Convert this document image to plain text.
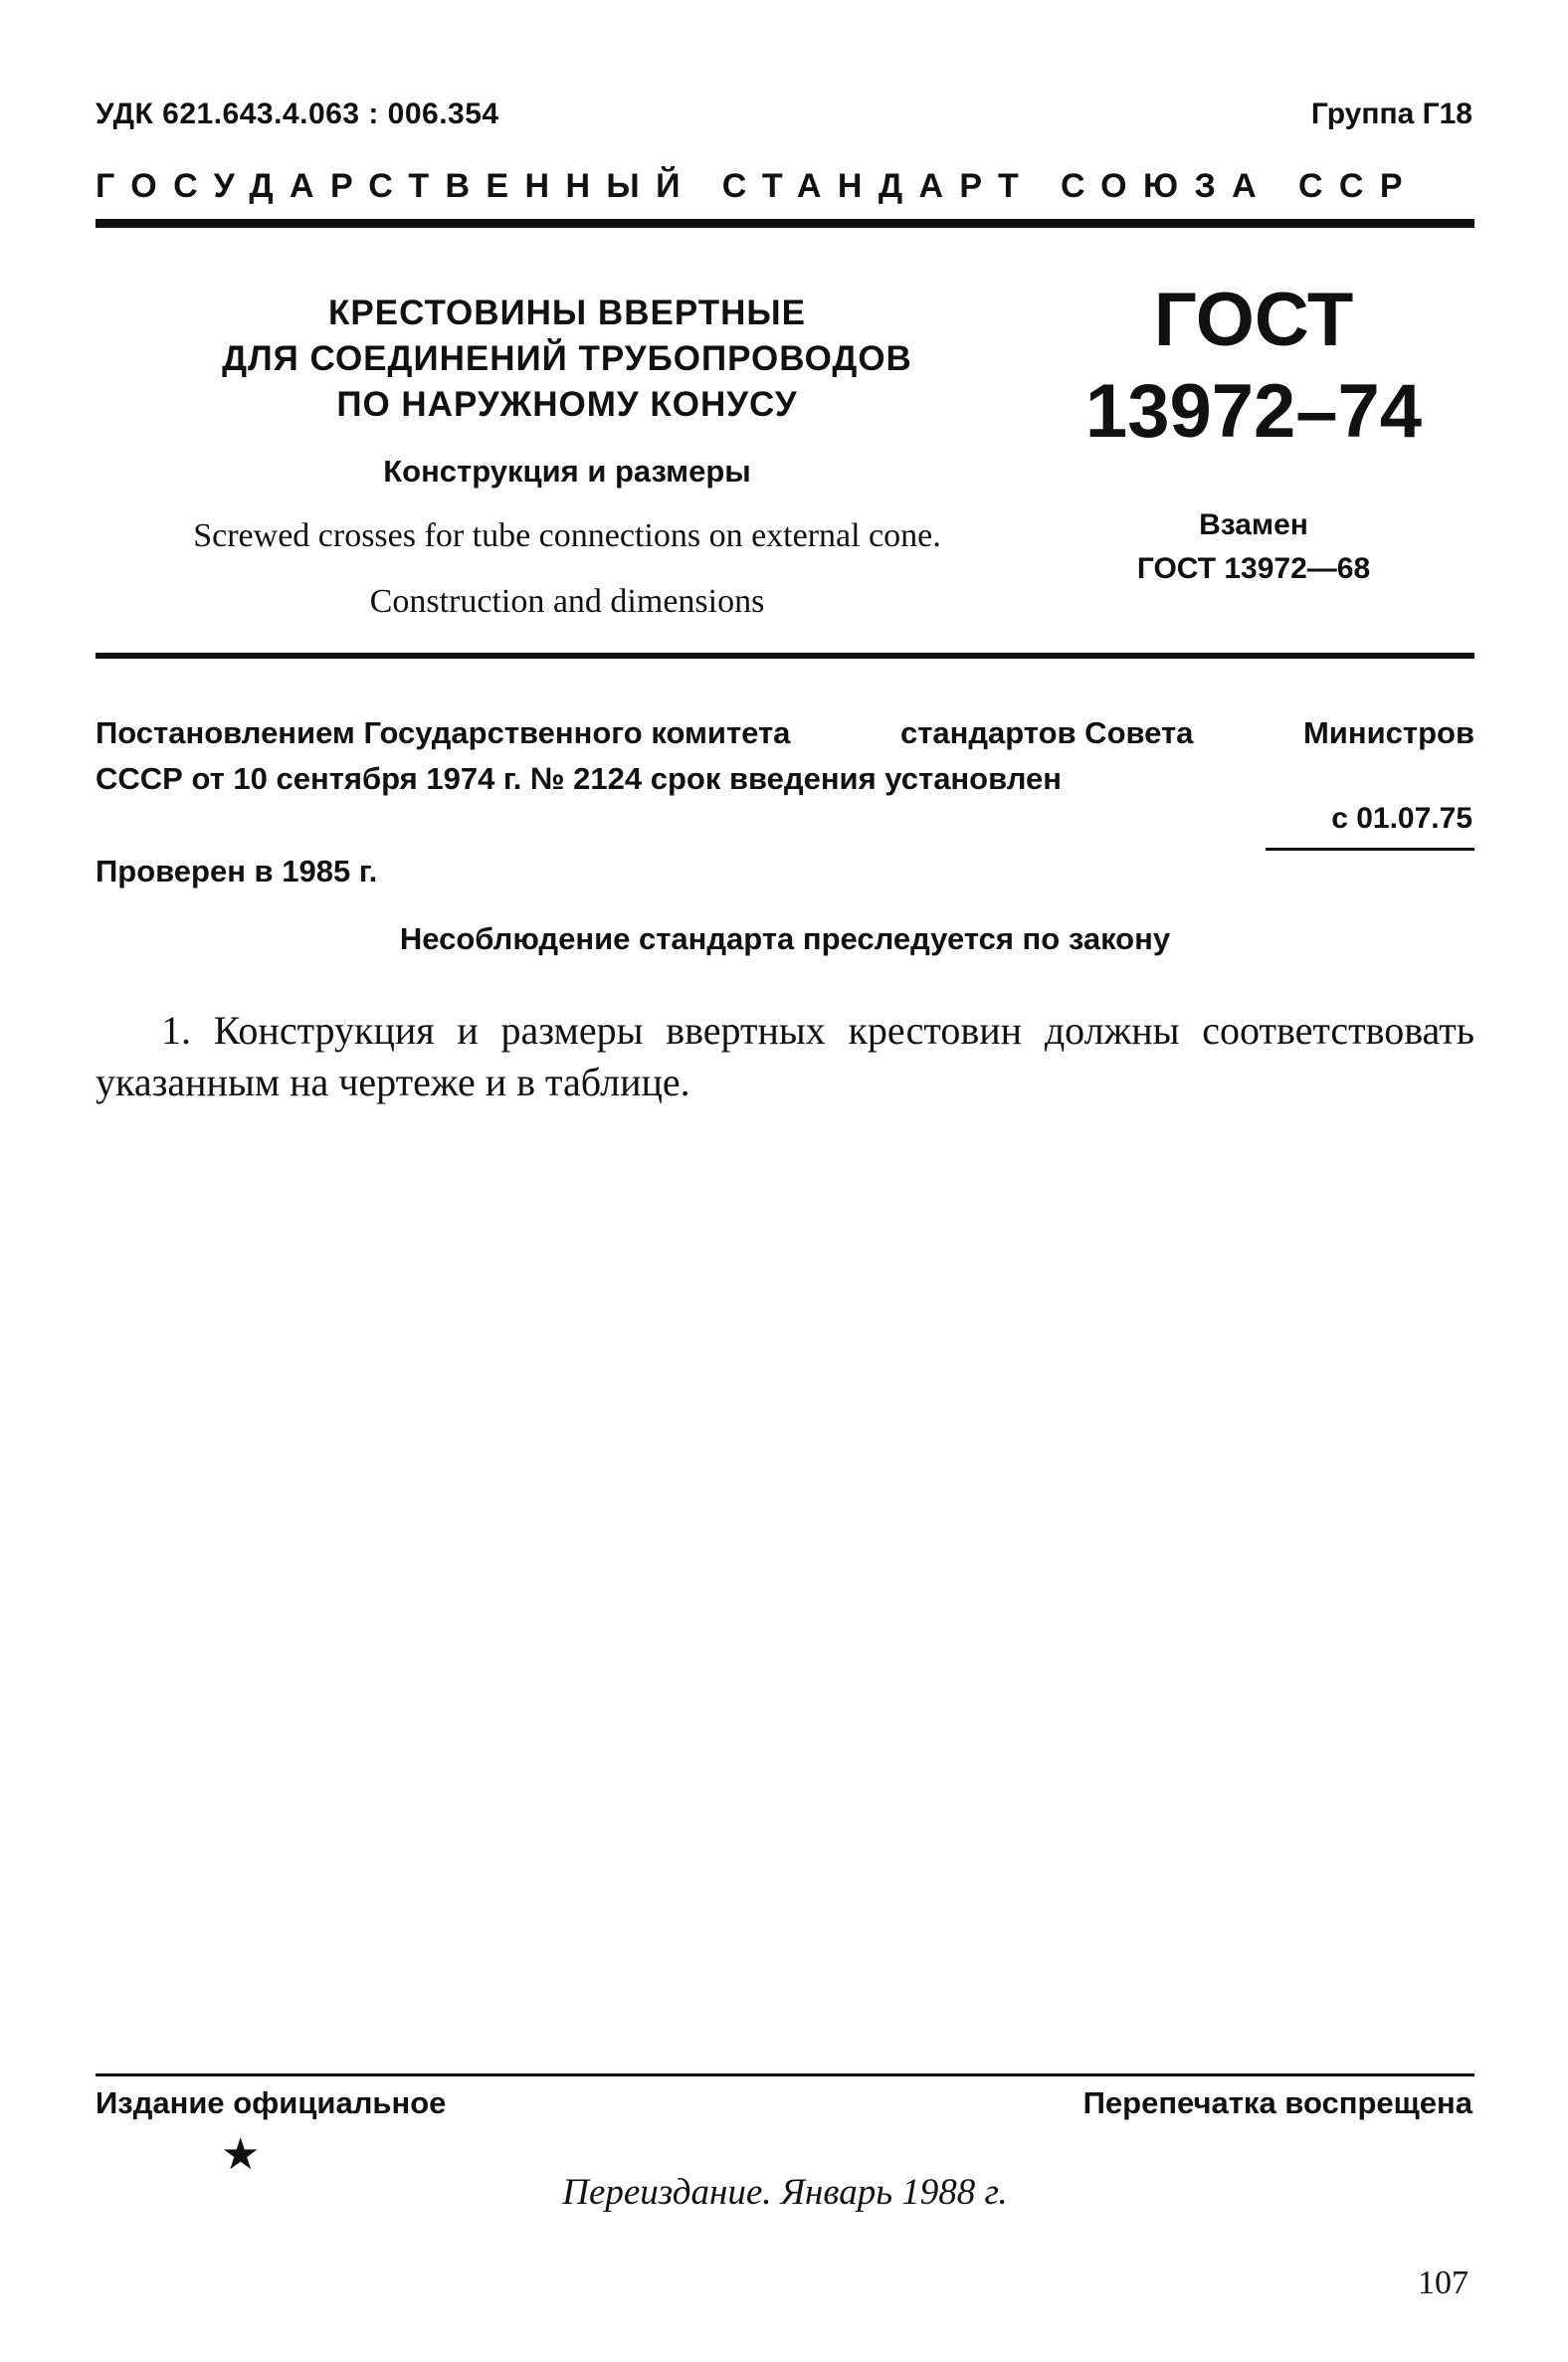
УДК 621.643.4.063 : 006.354	Группа Г18
ГОСУДАРСТВЕННЫЙ СТАНДАРТ СОЮЗА ССР
КРЕСТОВИНЫ ВВЕРТНЫЕ
ДЛЯ СОЕДИНЕНИЙ ТРУБОПРОВОДОВ
ПО НАРУЖНОМУ КОНУСУ
Конструкция и размеры
Screwed crosses for tube connections on external cone.
Construction and dimensions
ГОСТ
13972–74
Взамен
ГОСТ 13972—68
Постановлением Государственного комитета	стандартов Совета	Министров
СССР от 10 сентября 1974 г. № 2124 срок введения установлен
с 01.07.75
Проверен в 1985 г.
Несоблюдение стандарта преследуется по закону
1. Конструкция и размеры ввертных крестовин должны соответствовать указанным на чертеже и в таблице.
Издание официальное	Перепечатка воспрещена
★
Переиздание. Январь 1988 г.
107
